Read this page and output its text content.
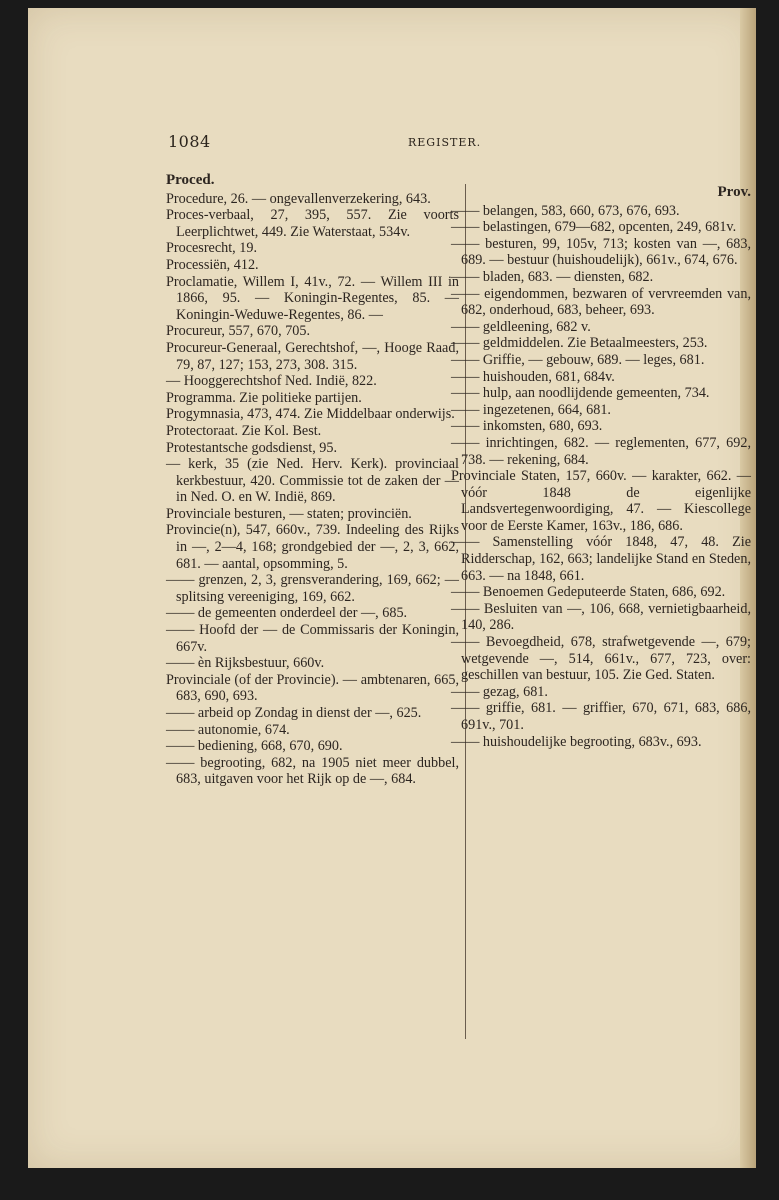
1084	REGISTER.
Proced.

Procedure, 26. — ongevallenverzekering, 643.

Proces-verbaal, 27, 395, 557. Zie voorts Leerplichtwet, 449. Zie Waterstaat, 534v.

Procesrecht, 19.

Processiën, 412.

Proclamatie, Willem I, 41v., 72. — Willem III in 1866, 95. — Koningin-Regentes, 85. — Koningin-Weduwe-Regentes, 86. —

Procureur, 557, 670, 705.

Procureur-Generaal, Gerechtshof, —, Hooge Raad, 79, 87, 127; 153, 273, 308. 315.

— Hooggerechtshof Ned. Indië, 822.

Programma. Zie politieke partijen.

Progymnasia, 473, 474. Zie Middelbaar onderwijs.

Protectoraat. Zie Kol. Best.

Protestantsche godsdienst, 95.

— kerk, 35 (zie Ned. Herv. Kerk). provinciaal kerkbestuur, 420. Commissie tot de zaken der — in Ned. O. en W. Indië, 869.

Provinciale besturen, — staten; provinciën.

Provincie(n), 547, 660v., 739. Indeeling des Rijks in —, 2—4, 168; grondgebied der —, 2, 3, 662, 681. — aantal, opsomming, 5.

—— grenzen, 2, 3, grensverandering, 169, 662; — splitsing vereeniging, 169, 662.

—— de gemeenten onderdeel der —, 685.

—— Hoofd der — de Commissaris der Koningin, 667v.

—— èn Rijksbestuur, 660v.

Provinciale (of der Provincie). — ambtenaren, 665, 683, 690, 693.

—— arbeid op Zondag in dienst der —, 625.

—— autonomie, 674.

—— bediening, 668, 670, 690.

—— begrooting, 682, na 1905 niet meer dubbel, 683, uitgaven voor het Rijk op de —, 684.

Prov.

—— belangen, 583, 660, 673, 676, 693.

—— belastingen, 679—682, opcenten, 249, 681v.

—— besturen, 99, 105v, 713; kosten van —, 683, 689. — bestuur (huishoudelijk), 661v., 674, 676.

—— bladen, 683. — diensten, 682.

—— eigendommen, bezwaren of vervreemden van, 682, onderhoud, 683, beheer, 693.

—— geldleening, 682 v.

—— geldmiddelen. Zie Betaalmeesters, 253.

—— Griffie, — gebouw, 689. — leges, 681.

—— huishouden, 681, 684v.

—— hulp, aan noodlijdende gemeenten, 734.

—— ingezetenen, 664, 681.

—— inkomsten, 680, 693.

—— inrichtingen, 682. — reglementen, 677, 692, 738. — rekening, 684.

Provinciale Staten, 157, 660v. — karakter, 662. — vóór 1848 de eigenlijke Landsvertegenwoordiging, 47. — Kiescollege voor de Eerste Kamer, 163v., 186, 686.

—— Samenstelling vóór 1848, 47, 48. Zie Ridderschap, 162, 663; landelijke Stand en Steden, 663. — na 1848, 661.

—— Benoemen Gedeputeerde Staten, 686, 692.

—— Besluiten van —, 106, 668, vernietigbaarheid, 140, 286.

—— Bevoegdheid, 678, strafwetgevende —, 679; wetgevende —, 514, 661v., 677, 723, over: geschillen van bestuur, 105. Zie Ged. Staten.

—— gezag, 681.

—— griffie, 681. — griffier, 670, 671, 683, 686, 691v., 701.

—— huishoudelijke begrooting, 683v., 693.
